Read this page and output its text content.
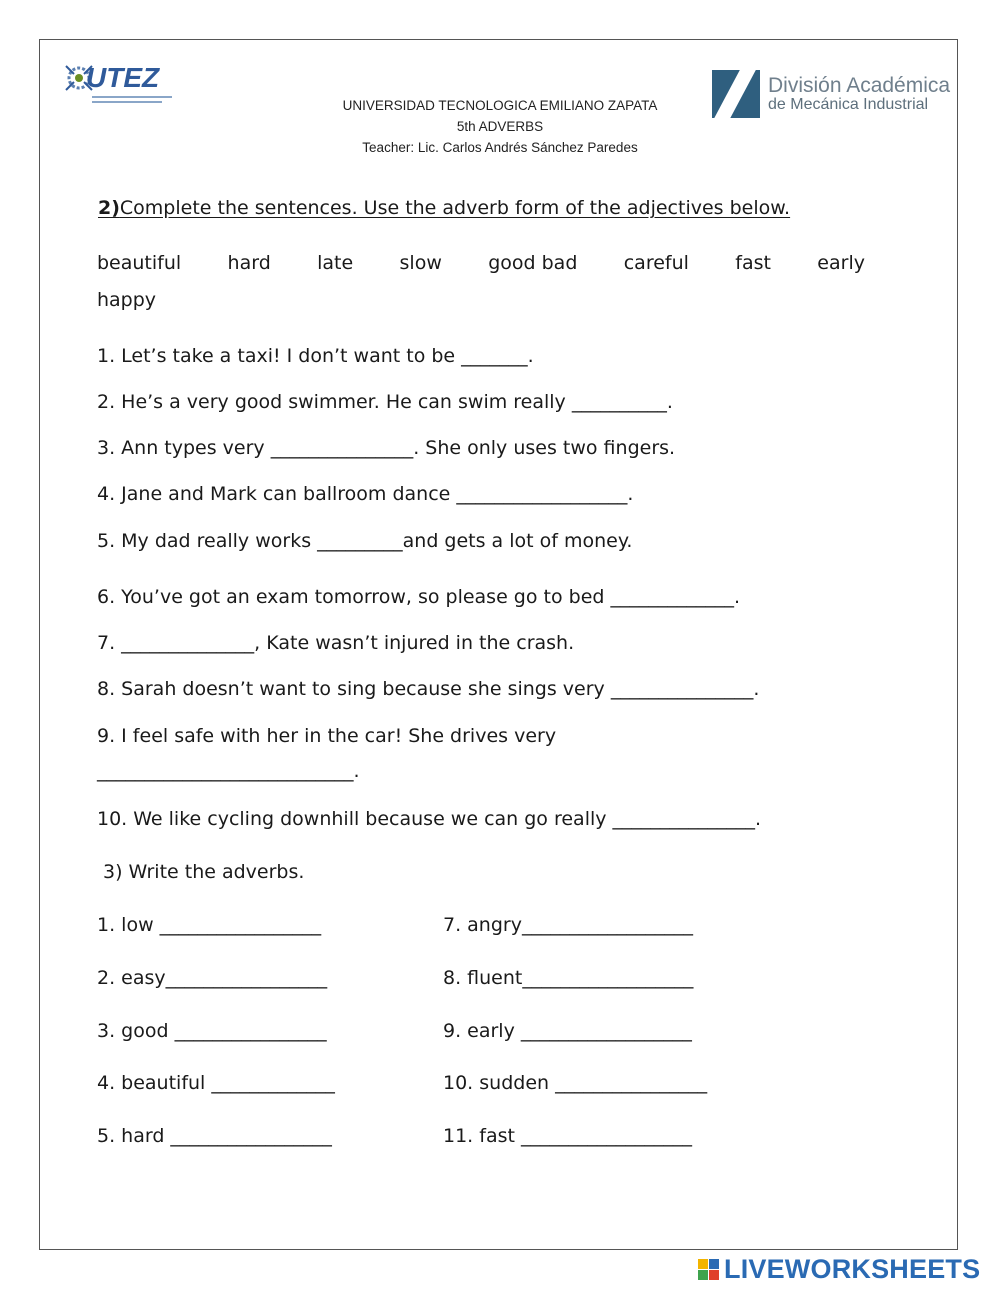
UTEZ
UNIVERSIDAD TECNOLOGICA EMILIANO ZAPATA
5th ADVERBS
Teacher: Lic. Carlos Andrés Sánchez Paredes
División Académica
de Mecánica Industrial
2)Complete the sentences. Use the adverb form of the adjectives below.
beautiful hard late slow good bad careful fast early
happy
1. Let’s take a taxi! I don’t want to be _______.
2. He’s a very good swimmer. He can swim really __________.
3. Ann types very _______________. She only uses two fingers.
4. Jane and Mark can ballroom dance __________________.
5. My dad really works _________and gets a lot of money.
6. You’ve got an exam tomorrow, so please go to bed _____________.
7. ______________, Kate wasn’t injured in the crash.
8. Sarah doesn’t want to sing because she sings very _______________.
9. I feel safe with her in the car! She drives very
___________________________.
10. We like cycling downhill because we can go really _______________.
3) Write the adverbs.
1. low _________________
2. easy_________________
3. good ________________
4. beautiful _____________
5. hard _________________
7. angry__________________
8. fluent__________________
9. early __________________
10. sudden ________________
11. fast __________________
LIVEWORKSHEETS
